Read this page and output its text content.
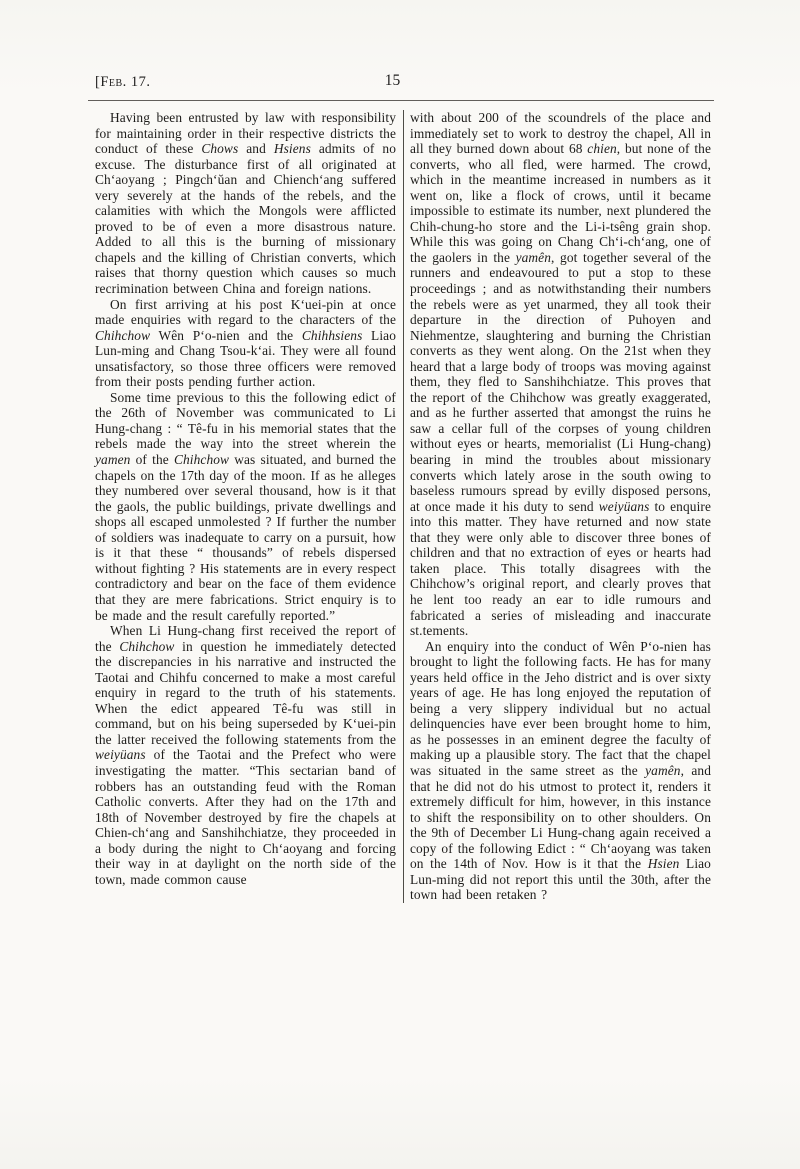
[Feb. 17.	15

Having been entrusted by law with responsibility for maintaining order in their respective districts the conduct of these Chows and Hsiens admits of no excuse. The disturbance first of all originated at Ch‘aoyang ; Pingch‘ŭan and Chiench‘ang suffered very severely at the hands of the rebels, and the calamities with which the Mongols were afflicted proved to be of even a more disastrous nature. Added to all this is the burning of missionary chapels and the killing of Christian converts, which raises that thorny question which causes so much recrimination between China and foreign nations.

On first arriving at his post K‘uei-pin at once made enquiries with regard to the characters of the Chihchow Wên P‘o-nien and the Chihhsiens Liao Lun-ming and Chang Tsou-k‘ai. They were all found unsatisfactory, so those three officers were removed from their posts pending further action.

Some time previous to this the following edict of the 26th of November was communicated to Li Hung-chang : “ Tê-fu in his memorial states that the rebels made the way into the street wherein the yamen of the Chihchow was situated, and burned the chapels on the 17th day of the moon. If as he alleges they numbered over several thousand, how is it that the gaols, the public buildings, private dwellings and shops all escaped unmolested ? If further the number of soldiers was inadequate to carry on a pursuit, how is it that these “ thousands” of rebels dispersed without fighting ? His statements are in every respect contradictory and bear on the face of them evidence that they are mere fabrications. Strict enquiry is to be made and the result carefully reported.”

When Li Hung-chang first received the report of the Chihchow in question he immediately detected the discrepancies in his narrative and instructed the Taotai and Chihfu concerned to make a most careful enquiry in regard to the truth of his statements. When the edict appeared Tê-fu was still in command, but on his being superseded by K‘uei-pin the latter received the following statements from the weiyüans of the Taotai and the Prefect who were investigating the matter. “This sectarian band of robbers has an outstanding feud with the Roman Catholic converts. After they had on the 17th and 18th of November destroyed by fire the chapels at Chien-ch‘ang and Sanshihchiatze, they proceeded in a body during the night to Ch‘aoyang and forcing their way in at daylight on the north side of the town, made common cause

with about 200 of the scoundrels of the place and immediately set to work to destroy the chapel, All in all they burned down about 68 chien, but none of the converts, who all fled, were harmed. The crowd, which in the meantime increased in numbers as it went on, like a flock of crows, until it became impossible to estimate its number, next plundered the Chih-chung-ho store and the Li-i-tsêng grain shop. While this was going on Chang Ch‘i-ch‘ang, one of the gaolers in the yamên, got together several of the runners and endeavoured to put a stop to these proceedings ; and as notwithstanding their numbers the rebels were as yet unarmed, they all took their departure in the direction of Puhoyen and Niehmentze, slaughtering and burning the Christian converts as they went along. On the 21st when they heard that a large body of troops was moving against them, they fled to Sanshihchiatze. This proves that the report of the Chihchow was greatly exaggerated, and as he further asserted that amongst the ruins he saw a cellar full of the corpses of young children without eyes or hearts, memorialist (Li Hung-chang) bearing in mind the troubles about missionary converts which lately arose in the south owing to baseless rumours spread by evilly disposed persons, at once made it his duty to send weiyüans to enquire into this matter. They have returned and now state that they were only able to discover three bones of children and that no extraction of eyes or hearts had taken place. This totally disagrees with the Chihchow’s original report, and clearly proves that he lent too ready an ear to idle rumours and fabricated a series of misleading and inaccurate st.tements.

An enquiry into the conduct of Wên P‘o-nien has brought to light the following facts. He has for many years held office in the Jeho district and is over sixty years of age. He has long enjoyed the reputation of being a very slippery individual but no actual delinquencies have ever been brought home to him, as he possesses in an eminent degree the faculty of making up a plausible story. The fact that the chapel was situated in the same street as the yamên, and that he did not do his utmost to protect it, renders it extremely difficult for him, however, in this instance to shift the responsibility on to other shoulders. On the 9th of December Li Hung-chang again received a copy of the following Edict : “ Ch‘aoyang was taken on the 14th of Nov. How is it that the Hsien Liao Lun-ming did not report this until the 30th, after the town had been retaken ?
